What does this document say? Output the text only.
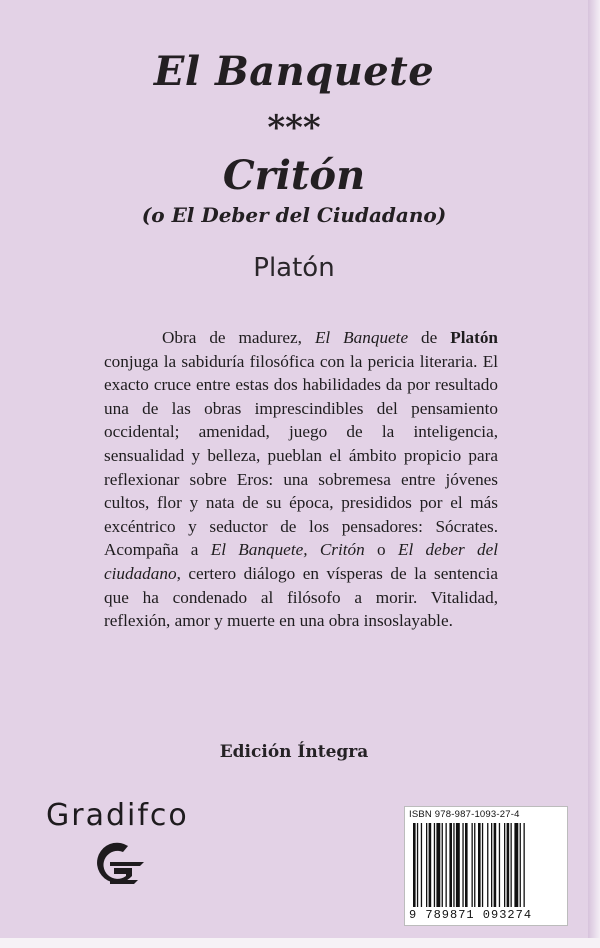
El Banquete
***
Critón
(o El Deber del Ciudadano)
Platón

Obra de madurez, El Banquete de Platón conjuga la sabiduría filosófica con la pericia literaria. El exacto cruce entre estas dos habilidades da por resultado una de las obras imprescindibles del pensamiento occidental; amenidad, juego de la inteligencia, sensualidad y belleza, pueblan el ámbito propicio para reflexionar sobre Eros: una sobremesa entre jóvenes cultos, flor y nata de su época, presididos por el más excéntrico y seductor de los pensadores: Sócrates. Acompaña a El Banquete, Critón o El deber del ciudadano, certero diálogo en vísperas de la sentencia que ha condenado al filósofo a morir. Vitalidad, reflexión, amor y muerte en una obra insoslayable.

Edición Íntegra
Gradifco	ISBN 978-987-1093-27-4
9 789871 093274
